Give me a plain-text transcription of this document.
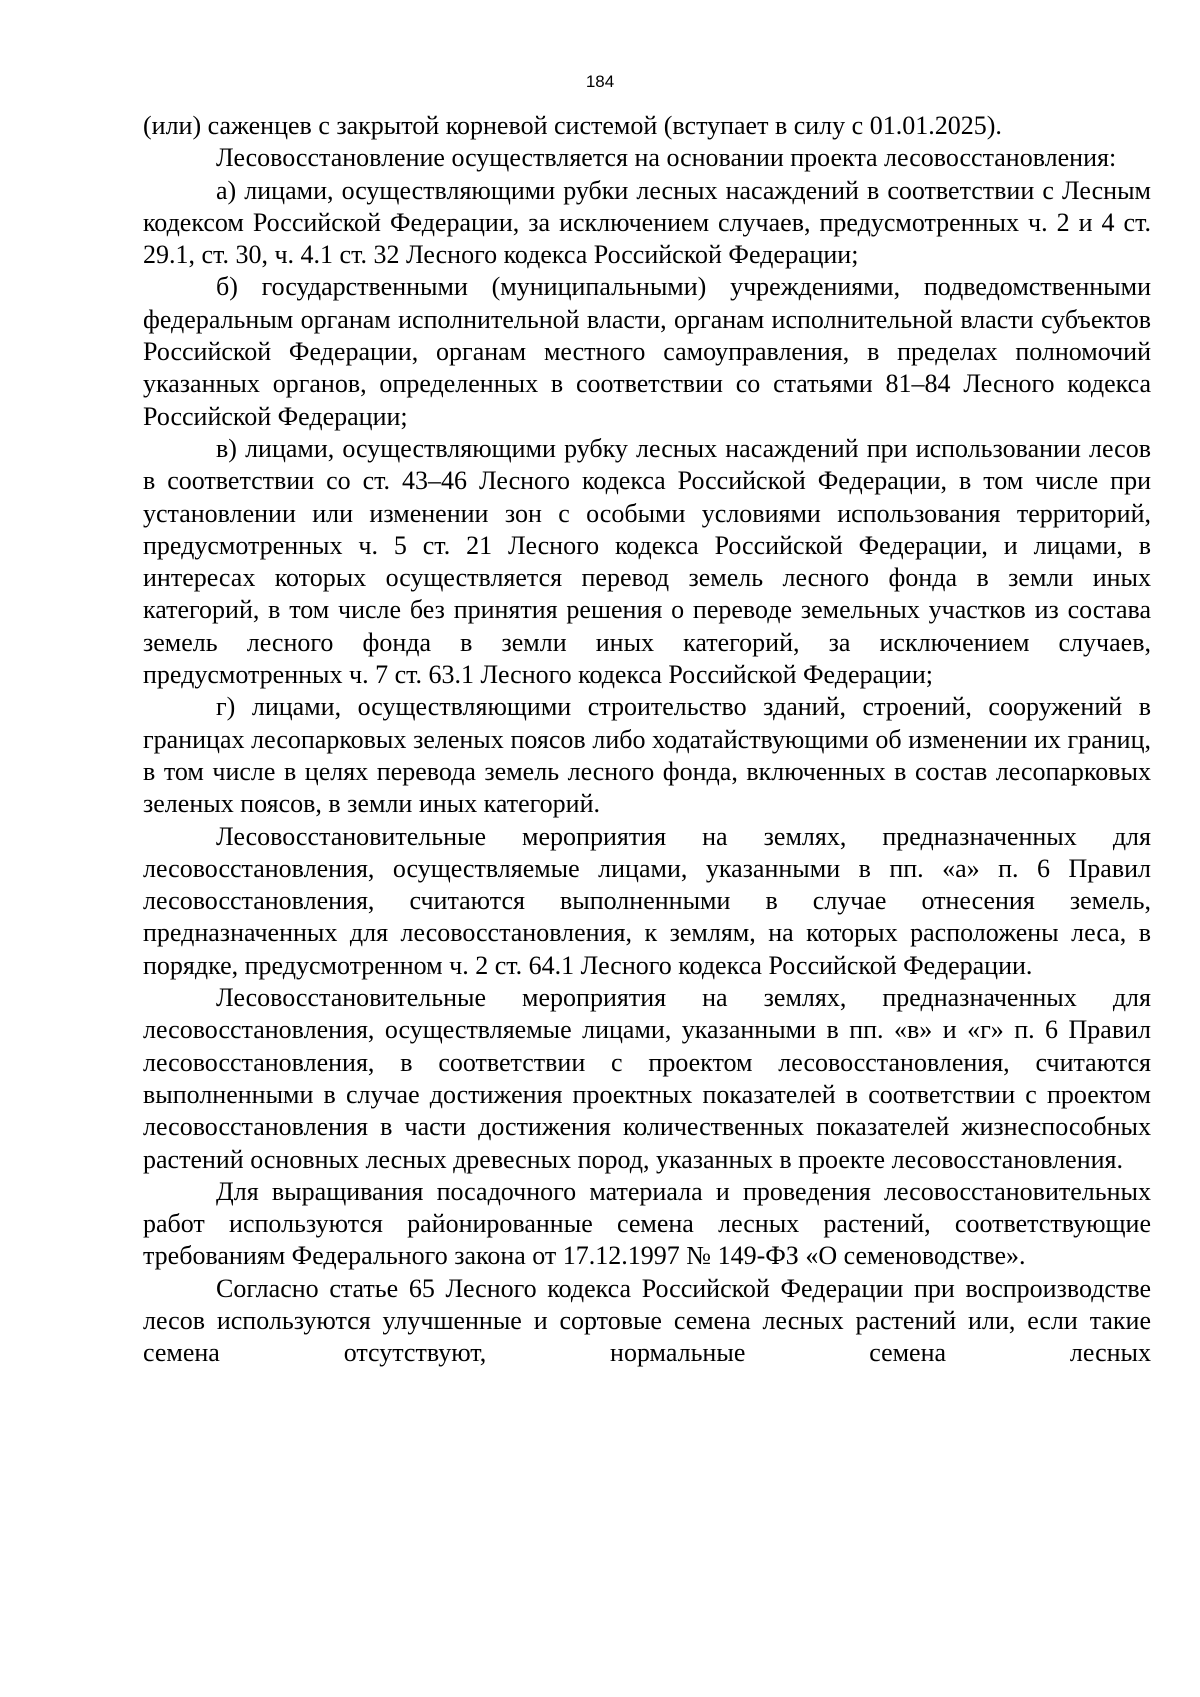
184

(или) саженцев с закрытой корневой системой (вступает в силу с 01.01.2025).

Лесовосстановление осуществляется на основании проекта лесовосстановления:

а) лицами, осуществляющими рубки лесных насаждений в соответствии с Лесным кодексом Российской Федерации, за исключением случаев, предусмотренных ч. 2 и 4 ст. 29.1, ст. 30, ч. 4.1 ст. 32 Лесного кодекса Российской Федерации;

б) государственными (муниципальными) учреждениями, подведомственными федеральным органам исполнительной власти, органам исполнительной власти субъектов Российской Федерации, органам местного самоуправления, в пределах полномочий указанных органов, определенных в соответствии со статьями 81–84 Лесного кодекса Российской Федерации;

в) лицами, осуществляющими рубку лесных насаждений при использовании лесов в соответствии со ст. 43–46 Лесного кодекса Российской Федерации, в том числе при установлении или изменении зон с особыми условиями использования территорий, предусмотренных ч. 5 ст. 21 Лесного кодекса Российской Федерации, и лицами, в интересах которых осуществляется перевод земель лесного фонда в земли иных категорий, в том числе без принятия решения о переводе земельных участков из состава земель лесного фонда в земли иных категорий, за исключением случаев, предусмотренных ч. 7 ст. 63.1 Лесного кодекса Российской Федерации;

г) лицами, осуществляющими строительство зданий, строений, сооружений в границах лесопарковых зеленых поясов либо ходатайствующими об изменении их границ, в том числе в целях перевода земель лесного фонда, включенных в состав лесопарковых зеленых поясов, в земли иных категорий.

Лесовосстановительные мероприятия на землях, предназначенных для лесовосстановления, осуществляемые лицами, указанными в пп. «а» п. 6 Правил лесовосстановления, считаются выполненными в случае отнесения земель, предназначенных для лесовосстановления, к землям, на которых расположены леса, в порядке, предусмотренном ч. 2 ст. 64.1 Лесного кодекса Российской Федерации.

Лесовосстановительные мероприятия на землях, предназначенных для лесовосстановления, осуществляемые лицами, указанными в пп. «в» и «г» п. 6 Правил лесовосстановления, в соответствии с проектом лесовосстановления, считаются выполненными в случае достижения проектных показателей в соответствии с проектом лесовосстановления в части достижения количественных показателей жизнеспособных растений основных лесных древесных пород, указанных в проекте лесовосстановления.

Для выращивания посадочного материала и проведения лесовосстановительных работ используются районированные семена лесных растений, соответствующие требованиям Федерального закона от 17.12.1997 № 149-ФЗ «О семеноводстве».

Согласно статье 65 Лесного кодекса Российской Федерации при воспроизводстве лесов используются улучшенные и сортовые семена лесных растений или, если такие семена отсутствуют, нормальные семена лесных
